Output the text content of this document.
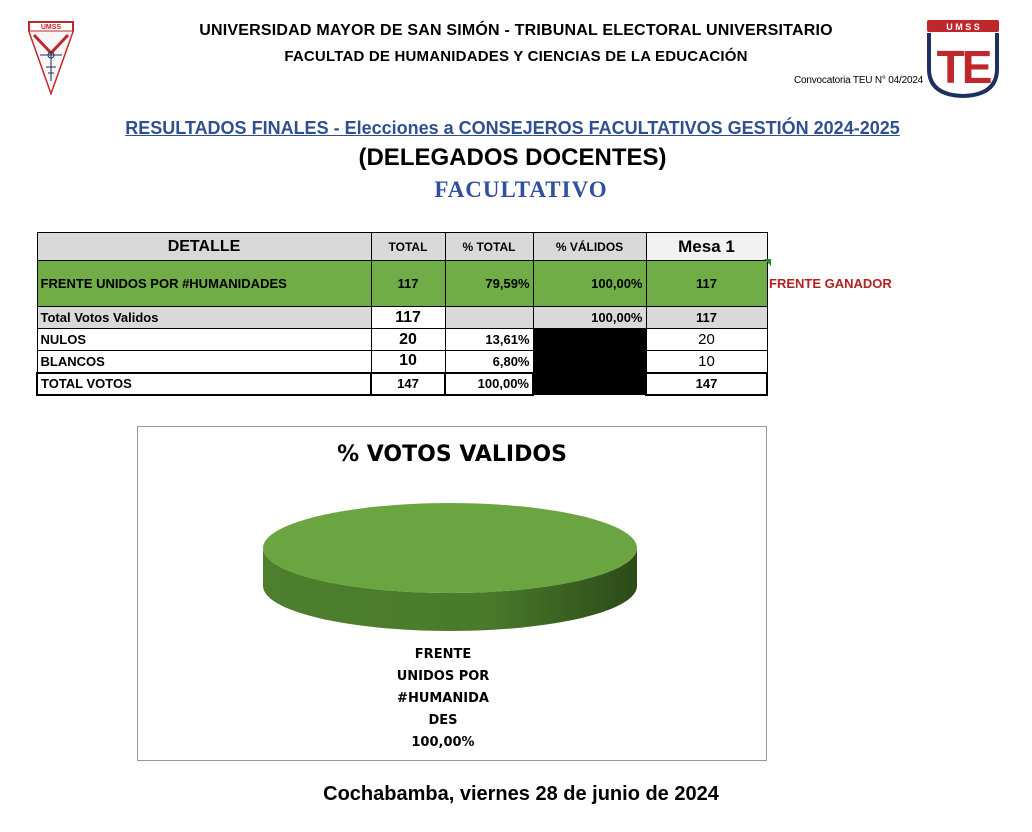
UMSS	UNIVERSIDAD MAYOR DE SAN SIMÓN - TRIBUNAL ELECTORAL UNIVERSITARIO
FACULTAD DE HUMANIDADES Y CIENCIAS DE LA EDUCACIÓN
Convocatoria TEU N° 04/2024
U M S S
TE
RESULTADOS FINALES - Elecciones a CONSEJEROS FACULTATIVOS GESTIÓN 2024-2025
(DELEGADOS DOCENTES)
FACULTATIVO
DETALLE	TOTAL	% TOTAL	% VÁLIDOS	Mesa 1
FRENTE UNIDOS POR #HUMANIDADES	117	79,59%	100,00%	117
Total Votos Validos	117		100,00%	117
NULOS	20	13,61%		20
BLANCOS	10	6,80%		10
TOTAL VOTOS	147	100,00%		147
FRENTE GANADOR
% VOTOS VALIDOS
FRENTE
UNIDOS POR
#HUMANIDA
DES
100,00%
Cochabamba, viernes 28 de junio de 2024
